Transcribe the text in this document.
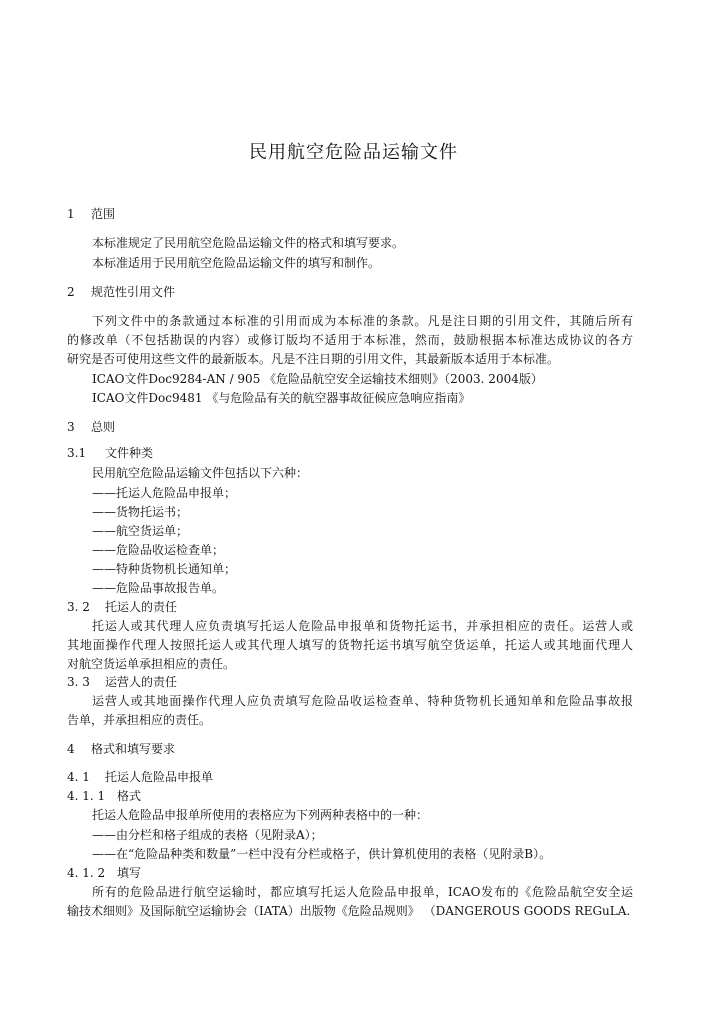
民用航空危险品运输文件
1 范围
本标准规定了民用航空危险品运输文件的格式和填写要求。
本标准适用于民用航空危险品运输文件的填写和制作。
2 规范性引用文件
下列文件中的条款通过本标准的引用而成为本标准的条款。凡是注日期的引用文件，其随后所有
的修改单（不包括勘误的内容）或修订版均不适用于本标准，然而，鼓励根据本标准达成协议的各方
研究是否可使用这些文件的最新版本。凡是不注日期的引用文件，其最新版本适用于本标准。
ICAO文件Doc9284-AN / 905 《危险品航空安全运输技术细则》（2003. 2004版）
ICAO文件Doc9481 《与危险品有关的航空器事故征候应急响应指南》
3 总则
3.1 文件种类
民用航空危险品运输文件包括以下六种：
——托运人危险品申报单；
——货物托运书；
——航空货运单；
——危险品收运检查单；
——特种货物机长通知单；
——危险品事故报告单。
3. 2 托运人的责任
托运人或其代理人应负责填写托运人危险品申报单和货物托运书，并承担相应的责任。运营人或
其地面操作代理人按照托运人或其代理人填写的货物托运书填写航空货运单，托运人或其地面代理人
对航空货运单承担相应的责任。
3. 3 运营人的责任
运营人或其地面操作代理人应负责填写危险品收运检查单、特种货物机长通知单和危险品事故报
告单，并承担相应的责任。
4 格式和填写要求
4. 1 托运人危险品申报单
4. 1. 1 格式
托运人危险品申报单所使用的表格应为下列两种表格中的一种：
——由分栏和格子组成的表格（见附录A）；
——在“危险品种类和数量”一栏中没有分栏或格子，供计算机使用的表格（见附录B）。
4. 1. 2 填写
所有的危险品进行航空运输时，都应填写托运人危险品申报单，ICAO发布的《危险品航空安全运
输技术细则》及国际航空运输协会（IATA）出版物《危险品规则》 （DANGEROUS GOODS REGuLA.
